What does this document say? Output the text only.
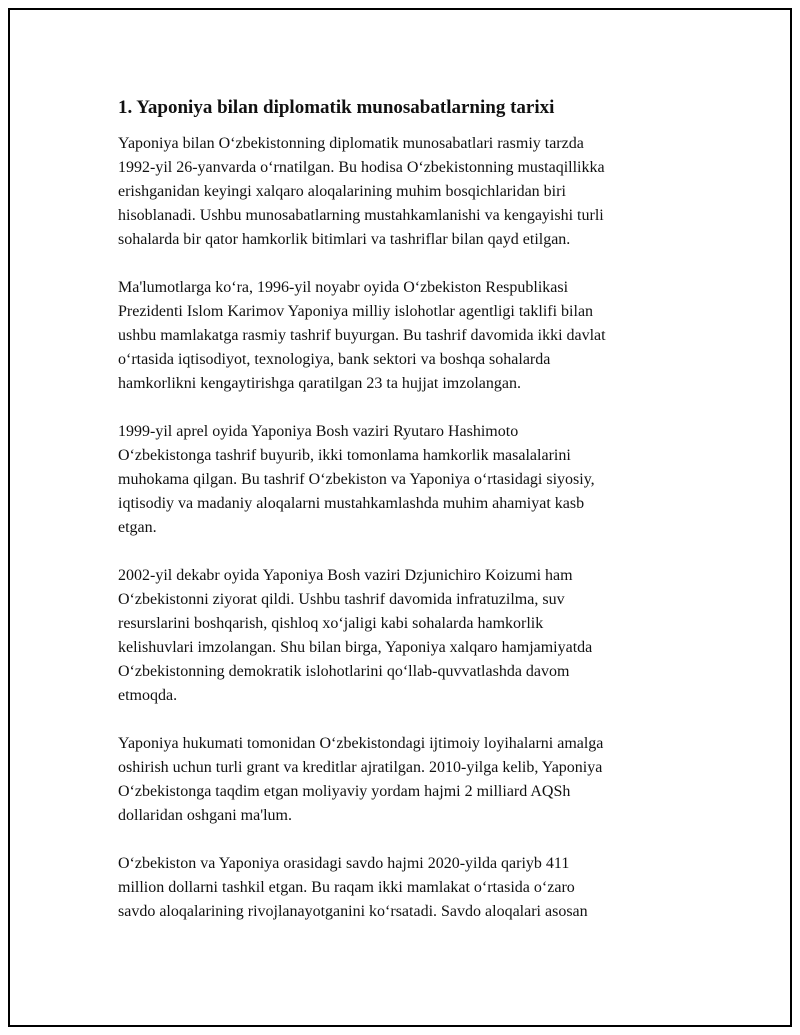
1. Yaponiya bilan diplomatik munosabatlarning tarixi

Yaponiya bilan O‘zbekistonning diplomatik munosabatlari rasmiy tarzda
1992-yil 26-yanvarda o‘rnatilgan. Bu hodisa O‘zbekistonning mustaqillikka
erishganidan keyingi xalqaro aloqalarining muhim bosqichlaridan biri
hisoblanadi. Ushbu munosabatlarning mustahkamlanishi va kengayishi turli
sohalarda bir qator hamkorlik bitimlari va tashriflar bilan qayd etilgan.

Ma'lumotlarga ko‘ra, 1996-yil noyabr oyida O‘zbekiston Respublikasi
Prezidenti Islom Karimov Yaponiya milliy islohotlar agentligi taklifi bilan
ushbu mamlakatga rasmiy tashrif buyurgan. Bu tashrif davomida ikki davlat
o‘rtasida iqtisodiyot, texnologiya, bank sektori va boshqa sohalarda
hamkorlikni kengaytirishga qaratilgan 23 ta hujjat imzolangan.

1999-yil aprel oyida Yaponiya Bosh vaziri Ryutaro Hashimoto
O‘zbekistonga tashrif buyurib, ikki tomonlama hamkorlik masalalarini
muhokama qilgan. Bu tashrif O‘zbekiston va Yaponiya o‘rtasidagi siyosiy,
iqtisodiy va madaniy aloqalarni mustahkamlashda muhim ahamiyat kasb
etgan.

2002-yil dekabr oyida Yaponiya Bosh vaziri Dzjunichiro Koizumi ham
O‘zbekistonni ziyorat qildi. Ushbu tashrif davomida infratuzilma, suv
resurslarini boshqarish, qishloq xo‘jaligi kabi sohalarda hamkorlik
kelishuvlari imzolangan. Shu bilan birga, Yaponiya xalqaro hamjamiyatda
O‘zbekistonning demokratik islohotlarini qo‘llab-quvvatlashda davom
etmoqda.

Yaponiya hukumati tomonidan O‘zbekistondagi ijtimoiy loyihalarni amalga
oshirish uchun turli grant va kreditlar ajratilgan. 2010-yilga kelib, Yaponiya
O‘zbekistonga taqdim etgan moliyaviy yordam hajmi 2 milliard AQSh
dollaridan oshgani ma'lum.

O‘zbekiston va Yaponiya orasidagi savdo hajmi 2020-yilda qariyb 411
million dollarni tashkil etgan. Bu raqam ikki mamlakat o‘rtasida o‘zaro
savdo aloqalarining rivojlanayotganini ko‘rsatadi. Savdo aloqalari asosan
